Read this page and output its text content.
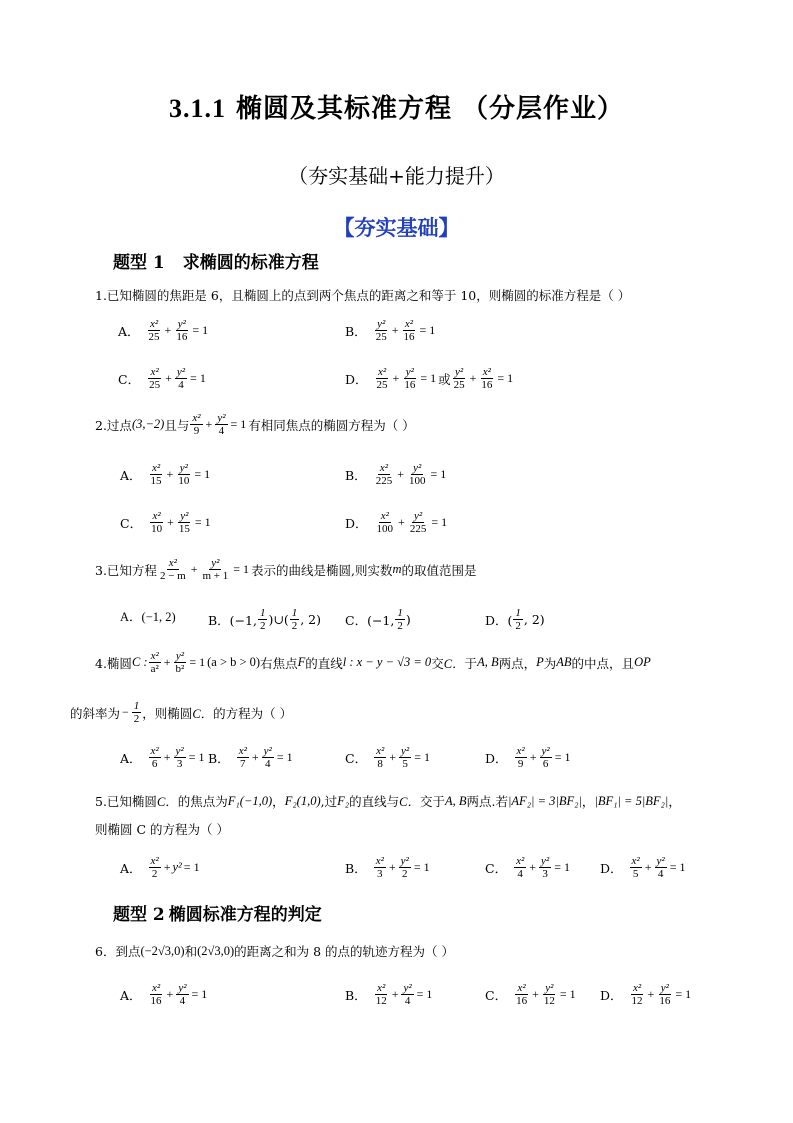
3.1.1 椭圆及其标准方程 （分层作业）
（夯实基础+能力提升）
【夯实基础】
题型 1 求椭圆的标准方程
1.已知椭圆的焦距是 6，且椭圆上的点到两个焦点的距离之和等于 10，则椭圆的标准方程是（ ）
A． $\frac{\text{x²}}{25} + \frac{\text{y²}}{16} = 1$	B． $\frac{\text{y²}}{25} + \frac{\text{x²}}{16} = 1$
C． $\frac{\text{x²}}{25} + \frac{\text{y²}}{4} = 1$	D． $\frac{\text{x²}}{25} + \frac{\text{y²}}{16} = 1$ 或 $\frac{\text{y²}}{25} + \frac{\text{x²}}{16} = 1$
2.过点 (3,−2) 且与 $\frac{\text{x²}}{9} + \frac{\text{y²}}{4} = 1$ 有相同焦点的椭圆方程为（ ）
A． $\frac{\text{x²}}{15} + \frac{\text{y²}}{10} = 1$	B． $\frac{\text{x²}}{225} + \frac{\text{y²}}{100} = 1$
C． $\frac{\text{x²}}{10} + \frac{\text{y²}}{15} = 1$	D． $\frac{\text{x²}}{100} + \frac{\text{y²}}{225} = 1$
3.已知方程 $\frac{\text{x²}}{2 - m} + \frac{\text{y²}}{m + 1} = 1$ 表示的曲线是椭圆,则实数 m 的取值范围是
A．(−1, 2)	B．(−1, $\frac{1}{2}$ )∪( $\frac{1}{2}$ , 2) C．(−1, $\frac{1}{2}$ )	D．( $\frac{1}{2}$ , 2)
4.椭圆 C : $\frac{\text{x²}}{\text{a²}} + \frac{\text{y²}}{\text{b²}} = 1$ (a > b > 0) 右焦点 F 的直线 l : x − y − √3 = 0 交 C． 于 A, B 两点， P 为 AB 的中点，且 OP
的斜率为 − $\frac{1}{2}$ ，则椭圆 C． 的方程为（ ）
A． $\frac{\text{x²}}{6} + \frac{\text{y²}}{3} = 1$ B． $\frac{\text{x²}}{7} + \frac{\text{y²}}{4} = 1$	C． $\frac{\text{x²}}{8} + \frac{\text{y²}}{5} = 1$	D． $\frac{\text{x²}}{9} + \frac{\text{y²}}{6} = 1$
5.已知椭圆 C． 的焦点为 F₁(−1,0) ， F₂(1,0) ,过 F₂ 的直线与 C． 交于 A, B 两点.若 |AF₂| = 3|BF₂| ， |BF₁| = 5|BF₂| ，
则椭圆 C 的方程为（ ）
A． $\frac{\text{x²}}{2} + y^2 = 1$	B． $\frac{\text{x²}}{3} + \frac{\text{y²}}{2} = 1$	C． $\frac{\text{x²}}{4} + \frac{\text{y²}}{3} = 1$ D． $\frac{\text{x²}}{5} + \frac{\text{y²}}{4} = 1$
题型 2 椭圆标准方程的判定
6．到点 (−2√3,0) 和 (2√3,0) 的距离之和为 8 的点的轨迹方程为（ ）
A． $\frac{\text{x²}}{16} + \frac{\text{y²}}{4} = 1$	B． $\frac{\text{x²}}{12} + \frac{\text{y²}}{4} = 1$	C． $\frac{\text{x²}}{16} + \frac{\text{y²}}{12} = 1$ D． $\frac{\text{x²}}{12} + \frac{\text{y²}}{16} = 1$
